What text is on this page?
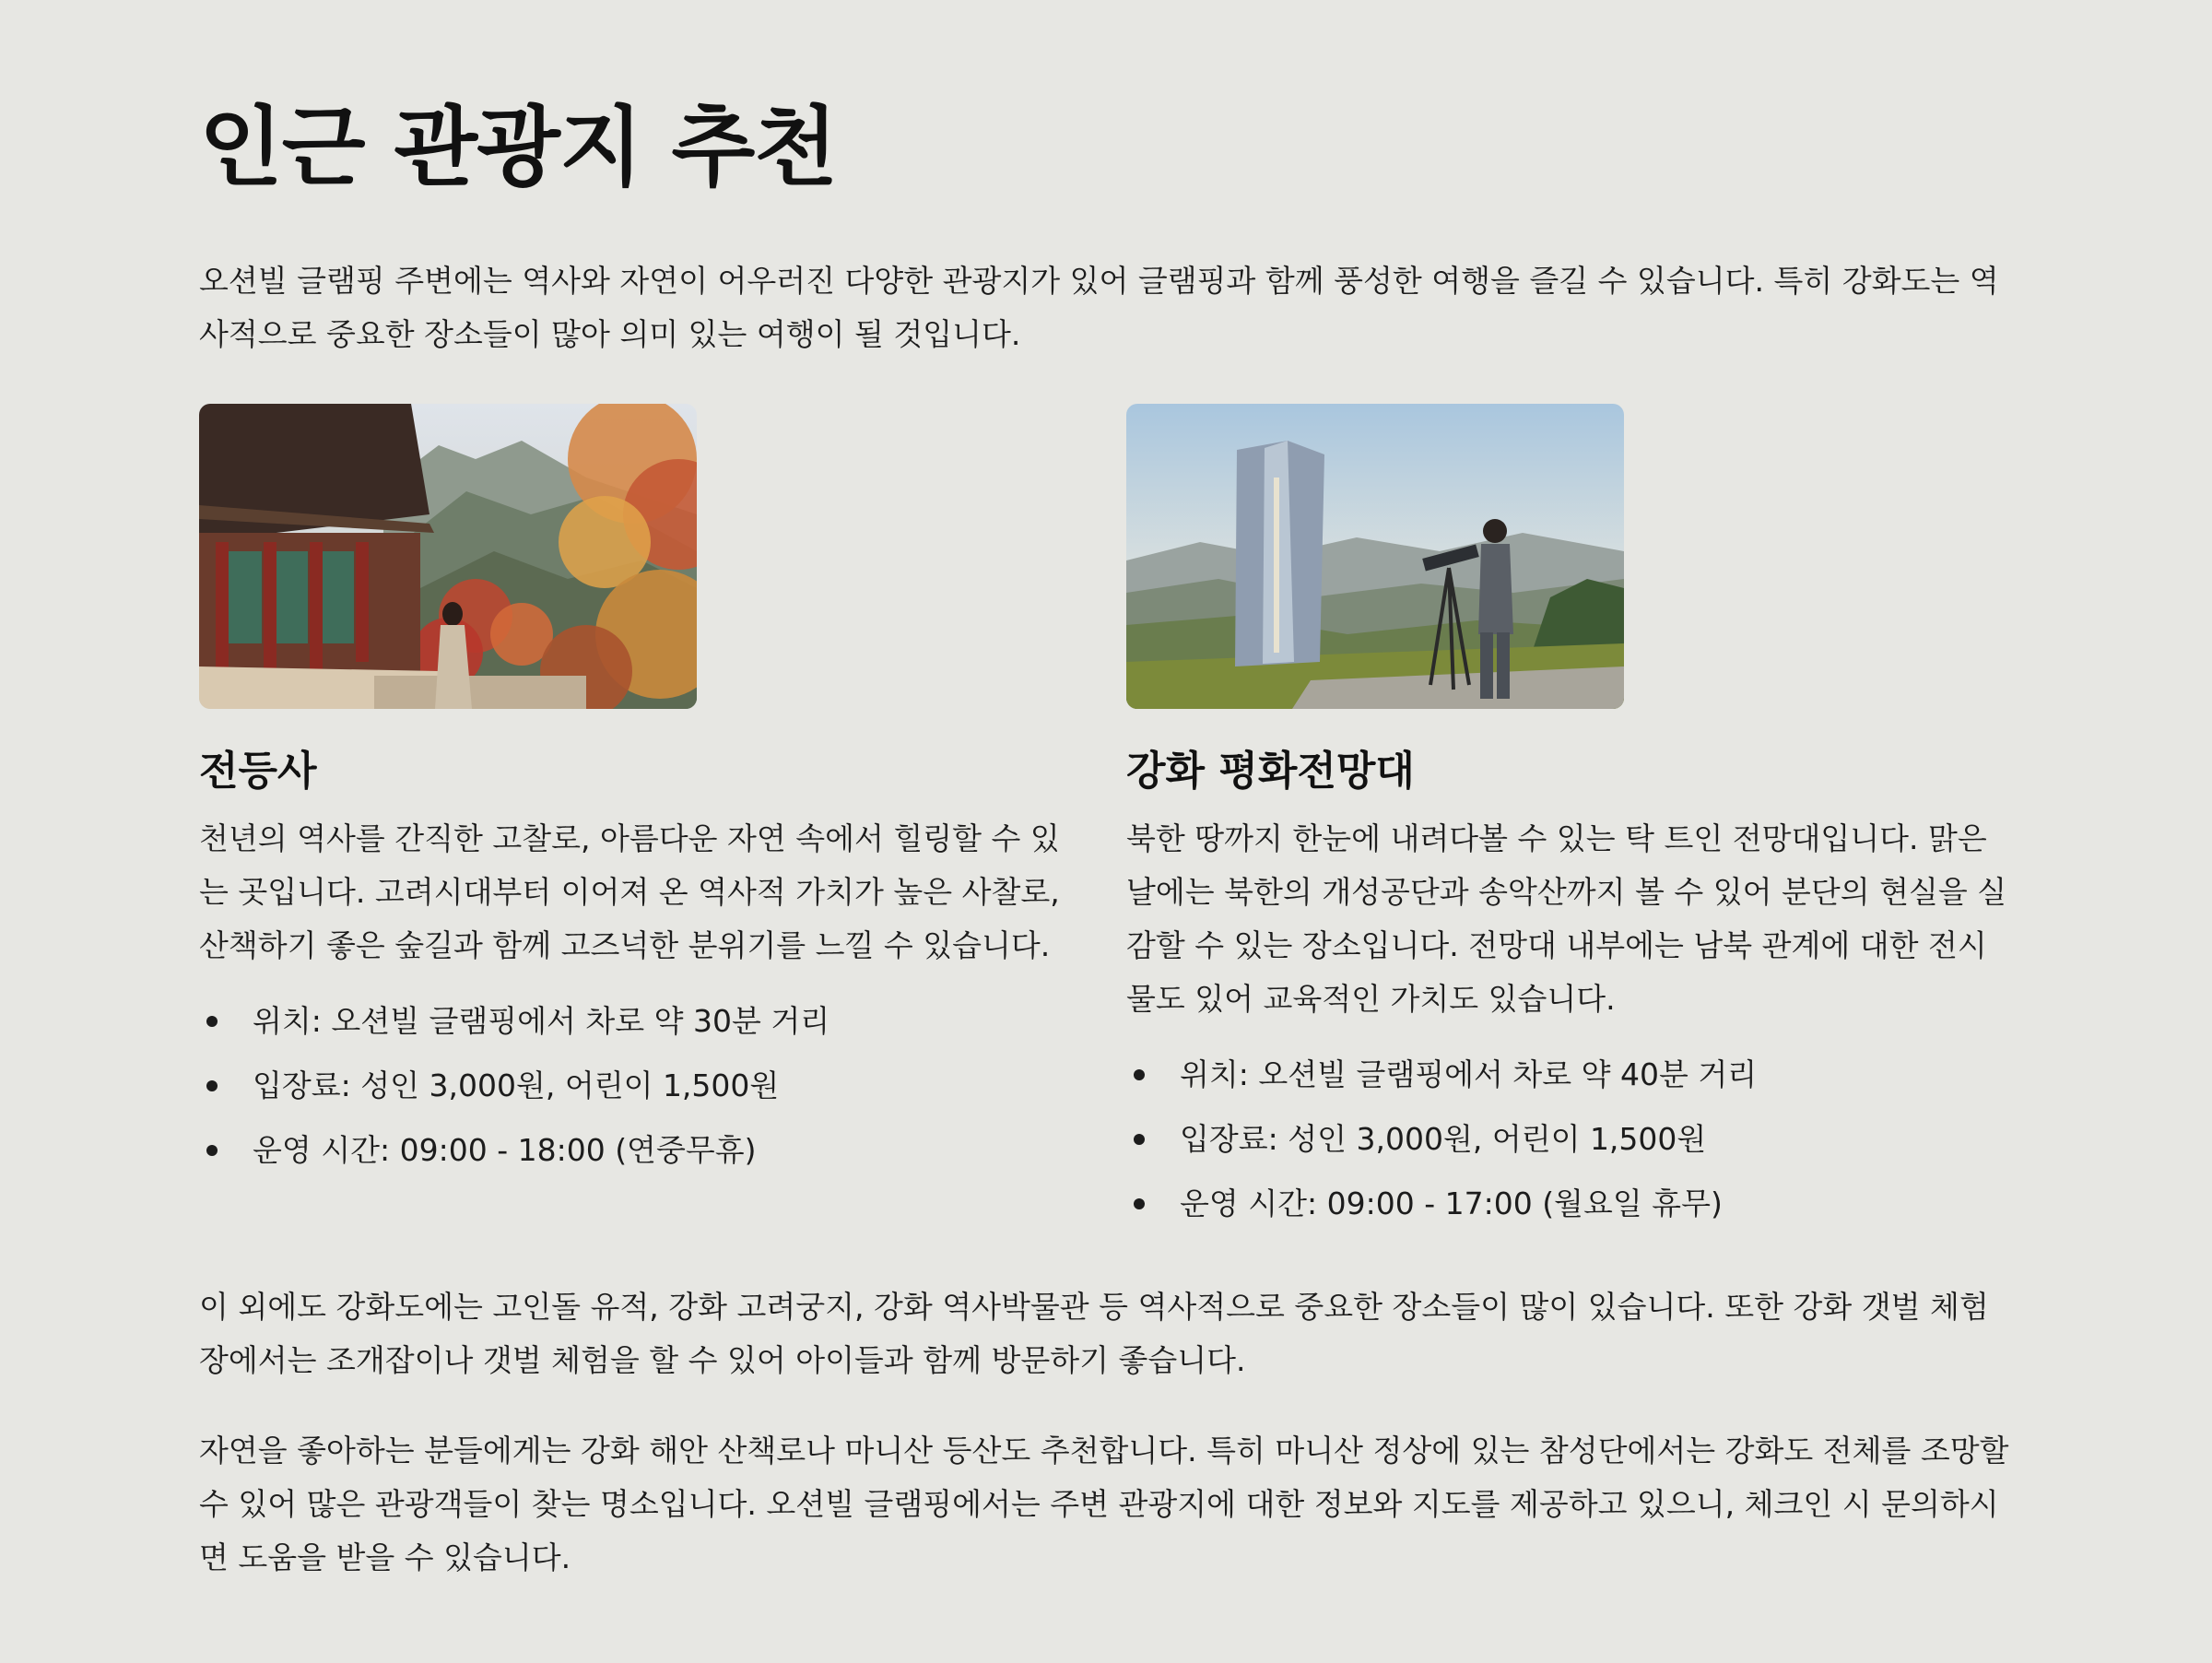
인근 관광지 추천

오션빌 글램핑 주변에는 역사와 자연이 어우러진 다양한 관광지가 있어 글램핑과 함께 풍성한 여행을 즐길 수 있습니다. 특히 강화도는 역사적으로 중요한 장소들이 많아 의미 있는 여행이 될 것입니다.

전등사

천년의 역사를 간직한 고찰로, 아름다운 자연 속에서 힐링할 수 있는 곳입니다. 고려시대부터 이어져 온 역사적 가치가 높은 사찰로, 산책하기 좋은 숲길과 함께 고즈넉한 분위기를 느낄 수 있습니다.

위치: 오션빌 글램핑에서 차로 약 30분 거리
입장료: 성인 3,000원, 어린이 1,500원
운영 시간: 09:00 - 18:00 (연중무휴)
강화 평화전망대

북한 땅까지 한눈에 내려다볼 수 있는 탁 트인 전망대입니다. 맑은 날에는 북한의 개성공단과 송악산까지 볼 수 있어 분단의 현실을 실감할 수 있는 장소입니다. 전망대 내부에는 남북 관계에 대한 전시물도 있어 교육적인 가치도 있습니다.

위치: 오션빌 글램핑에서 차로 약 40분 거리
입장료: 성인 3,000원, 어린이 1,500원
운영 시간: 09:00 - 17:00 (월요일 휴무)

이 외에도 강화도에는 고인돌 유적, 강화 고려궁지, 강화 역사박물관 등 역사적으로 중요한 장소들이 많이 있습니다. 또한 강화 갯벌 체험장에서는 조개잡이나 갯벌 체험을 할 수 있어 아이들과 함께 방문하기 좋습니다.

자연을 좋아하는 분들에게는 강화 해안 산책로나 마니산 등산도 추천합니다. 특히 마니산 정상에 있는 참성단에서는 강화도 전체를 조망할 수 있어 많은 관광객들이 찾는 명소입니다. 오션빌 글램핑에서는 주변 관광지에 대한 정보와 지도를 제공하고 있으니, 체크인 시 문의하시면 도움을 받을 수 있습니다.
